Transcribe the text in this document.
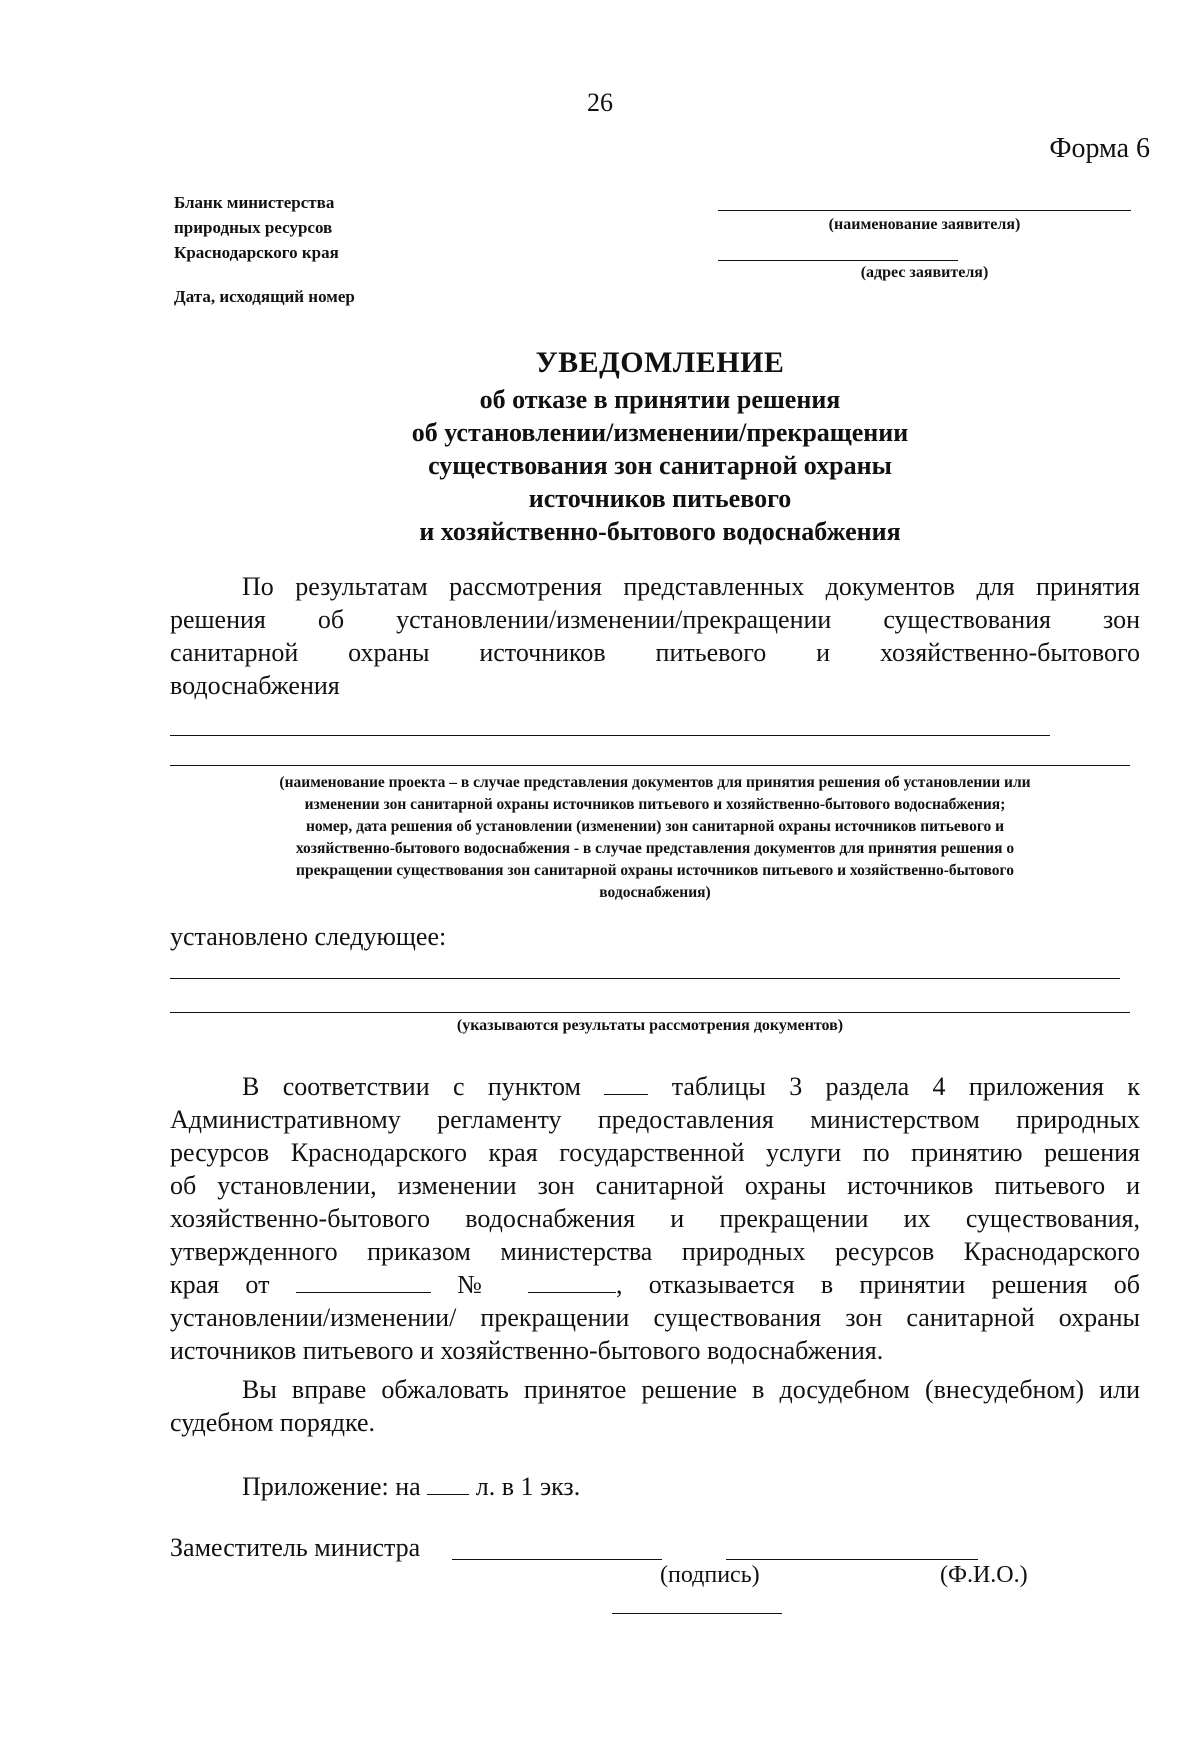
26
Форма 6
Бланк министерства
природных ресурсов
Краснодарского края
Дата, исходящий номер
(наименование заявителя)
(адрес заявителя)
УВЕДОМЛЕНИЕ
об отказе в принятии решения
об установлении/изменении/прекращении
существования зон санитарной охраны
источников питьевого
и хозяйственно-бытового водоснабжения
По результатам рассмотрения представленных документов для принятия
решения об установлении/изменении/прекращении существования зон
санитарной охраны источников питьевого и хозяйственно-бытового
водоснабжения
(наименование проекта – в случае представления документов для принятия решения об установлении или
изменении зон санитарной охраны источников питьевого и хозяйственно-бытового водоснабжения;
номер, дата решения об установлении (изменении) зон санитарной охраны источников питьевого и
хозяйственно-бытового водоснабжения - в случае представления документов для принятия решения о
прекращении существования зон санитарной охраны источников питьевого и хозяйственно-бытового
водоснабжения)
установлено следующее:
(указываются результаты рассмотрения документов)
В соответствии с пунктом	таблицы 3 раздела 4 приложения к
Административному регламенту предоставления министерством природных
ресурсов Краснодарского края государственной услуги по принятию решения
об установлении, изменении зон санитарной охраны источников питьевого и
хозяйственно-бытового водоснабжения и прекращении их существования,
утвержденного приказом министерства природных ресурсов Краснодарского
края от	№	, отказывается в принятии решения об
установлении/изменении/ прекращении существования зон санитарной охраны
источников питьевого и хозяйственно-бытового водоснабжения.
Вы вправе обжаловать принятое решение в досудебном (внесудебном) или
судебном порядке.
Приложение: на л. в 1 экз.
Заместитель министра
(подпись)	(Ф.И.О.)
